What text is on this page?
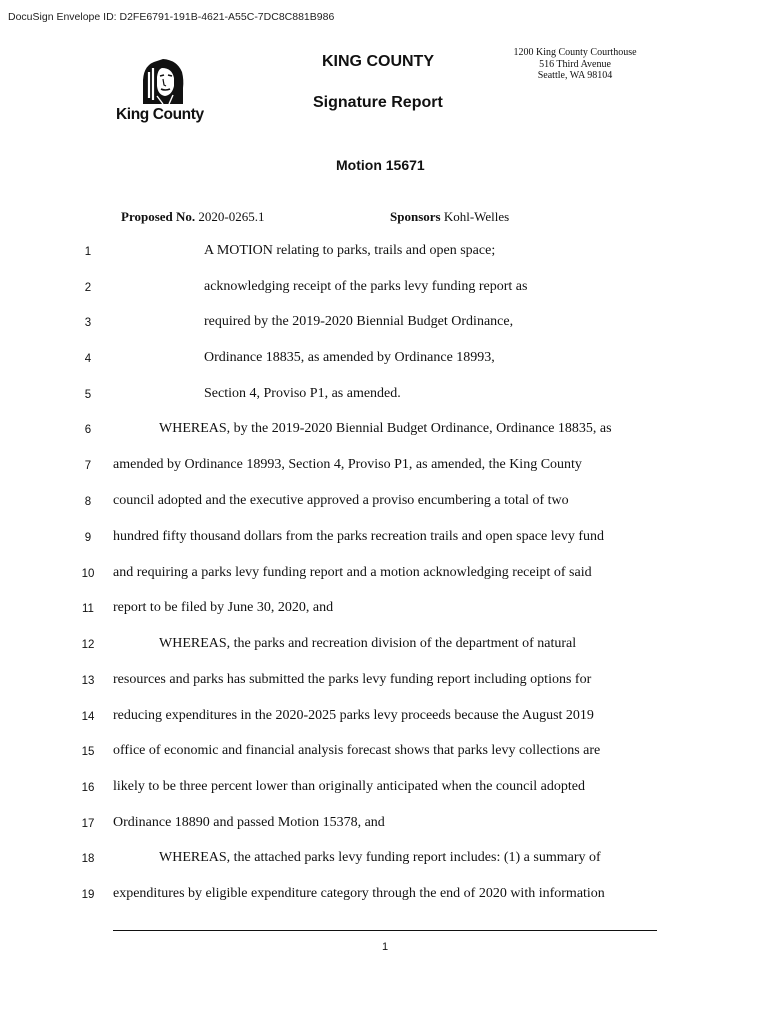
DocuSign Envelope ID: D2FE6791-191B-4621-A55C-7DC8C881B986
King County
KING COUNTY
Signature Report
1200 King County Courthouse
516 Third Avenue
Seattle, WA 98104
Motion 15671
Proposed No. 2020-0265.1	Sponsors Kohl-Welles
1	A MOTION relating to parks, trails and open space;
2	acknowledging receipt of the parks levy funding report as
3	required by the 2019-2020 Biennial Budget Ordinance,
4	Ordinance 18835, as amended by Ordinance 18993,
5	Section 4, Proviso P1, as amended.
6	WHEREAS, by the 2019-2020 Biennial Budget Ordinance, Ordinance 18835, as
7	amended by Ordinance 18993, Section 4, Proviso P1, as amended, the King County
8	council adopted and the executive approved a proviso encumbering a total of two
9	hundred fifty thousand dollars from the parks recreation trails and open space levy fund
10	and requiring a parks levy funding report and a motion acknowledging receipt of said
11	report to be filed by June 30, 2020, and
12	WHEREAS, the parks and recreation division of the department of natural
13	resources and parks has submitted the parks levy funding report including options for
14	reducing expenditures in the 2020-2025 parks levy proceeds because the August 2019
15	office of economic and financial analysis forecast shows that parks levy collections are
16	likely to be three percent lower than originally anticipated when the council adopted
17	Ordinance 18890 and passed Motion 15378, and
18	WHEREAS, the attached parks levy funding report includes: (1) a summary of
19	expenditures by eligible expenditure category through the end of 2020 with information
1
